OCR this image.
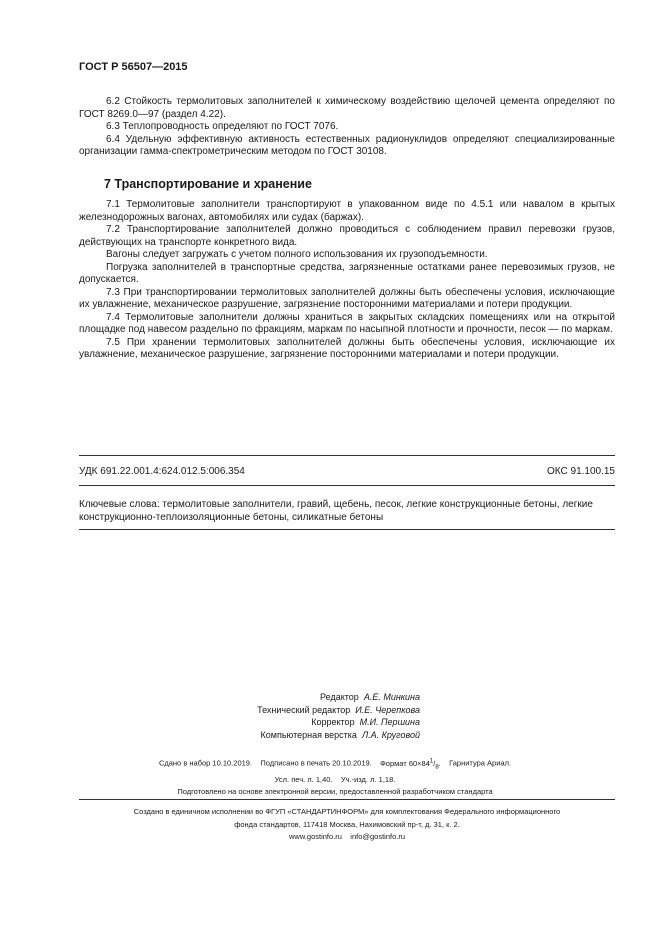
ГОСТ Р 56507—2015

6.2 Стойкость термолитовых заполнителей к химическому воздействию щелочей цемента определяют по ГОСТ 8269.0—97 (раздел 4.22).

6.3 Теплопроводность определяют по ГОСТ 7076.

6.4 Удельную эффективную активность естественных радионуклидов определяют специализированные организации гамма-спектрометрическим методом по ГОСТ 30108.

7 Транспортирование и хранение

7.1 Термолитовые заполнители транспортируют в упакованном виде по 4.5.1 или навалом в крытых железнодорожных вагонах, автомобилях или судах (баржах).

7.2 Транспортирование заполнителей должно проводиться с соблюдением правил перевозки грузов, действующих на транспорте конкретного вида.

Вагоны следует загружать с учетом полного использования их грузоподъемности.

Погрузка заполнителей в транспортные средства, загрязненные остатками ранее перевозимых грузов, не допускается.

7.3 При транспортировании термолитовых заполнителей должны быть обеспечены условия, исключающие их увлажнение, механическое разрушение, загрязнение посторонними материалами и потери продукции.

7.4 Термолитовые заполнители должны храниться в закрытых складских помещениях или на открытой площадке под навесом раздельно по фракциям, маркам по насыпной плотности и прочности, песок — по маркам.

7.5 При хранении термолитовых заполнителей должны быть обеспечены условия, исключающие их увлажнение, механическое разрушение, загрязнение посторонними материалами и потери продукции.

УДК 691.22.001.4:624.012.5:006.354	ОКС 91.100.15
Ключевые слова: термолитовые заполнители, гравий, щебень, песок, легкие конструкционные бетоны, легкие конструкционно-теплоизоляционные бетоны, силикатные бетоны
Редактор А.Е. Минкина
Технический редактор И.Е. Черепкова
Корректор М.И. Першина
Компьютерная верстка Л.А. Круговой
Сдано в набор 10.10.2019. Подписано в печать 20.10.2019. Формат $60\times 84^1/_8$. Гарнитура Ариал.
Усл. печ. л. 1,40. Уч.-изд. л. 1,18.
Подготовлено на основе электронной версии, предоставленной разработчиком стандарта
Создано в единичном исполнении во ФГУП «СТАНДАРТИНФОРМ» для комплектования Федерального информационного
фонда стандартов, 117418 Москва, Нахимовский пр-т, д. 31, к. 2.
www.gostinfo.ru info@gostinfo.ru
